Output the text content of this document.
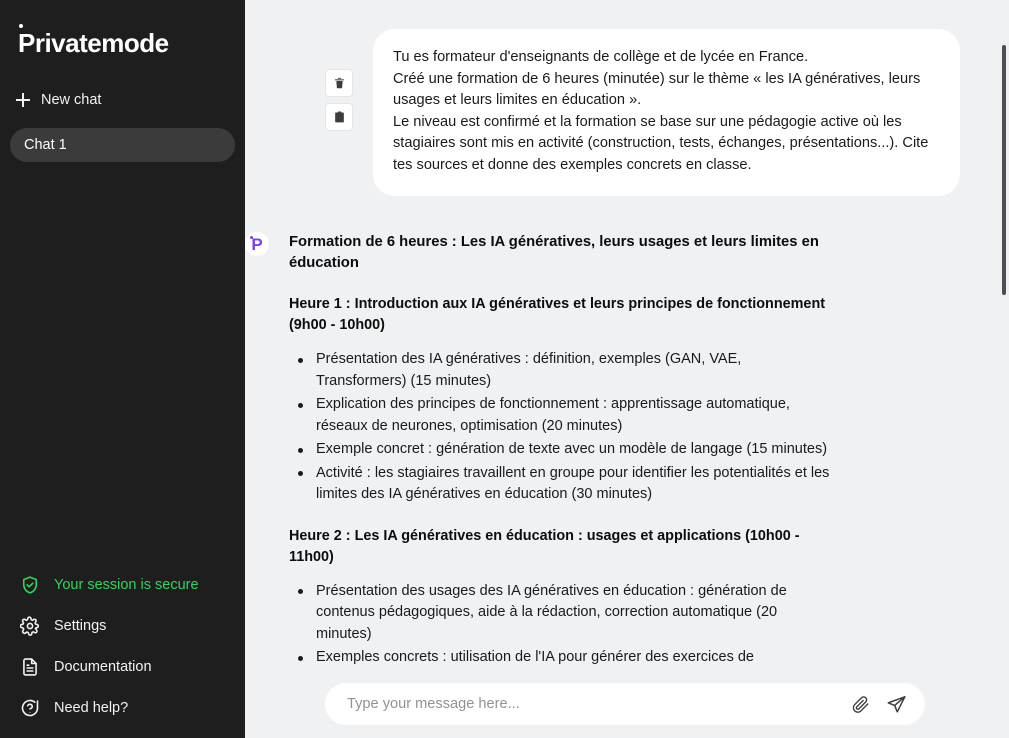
Privatemode
New chat
Chat 1
Your session is secure
Settings
Documentation
Need help?

Tu es formateur d'enseignants de collège et de lycée en France.

Créé une formation de 6 heures (minutée) sur le thème « les IA génératives, leurs usages et leurs limites en éducation ».

Le niveau est confirmé et la formation se base sur une pédagogie active où les stagiaires sont mis en activité (construction, tests, échanges, présentations...). Cite tes sources et donne des exemples concrets en classe.

P Formation de 6 heures : Les IA génératives, leurs usages et leurs limites en éducation
Heure 1 : Introduction aux IA génératives et leurs principes de fonctionnement (9h00 - 10h00)
Présentation des IA génératives : définition, exemples (GAN, VAE, Transformers) (15 minutes)
Explication des principes de fonctionnement : apprentissage automatique, réseaux de neurones, optimisation (20 minutes)
Exemple concret : génération de texte avec un modèle de langage (15 minutes)
Activité : les stagiaires travaillent en groupe pour identifier les potentialités et les limites des IA génératives en éducation (30 minutes)
Heure 2 : Les IA génératives en éducation : usages et applications (10h00 - 11h00)
Présentation des usages des IA génératives en éducation : génération de contenus pédagogiques, aide à la rédaction, correction automatique (20 minutes)
Exemples concrets : utilisation de l'IA pour générer des exercices de
Type your message here...
